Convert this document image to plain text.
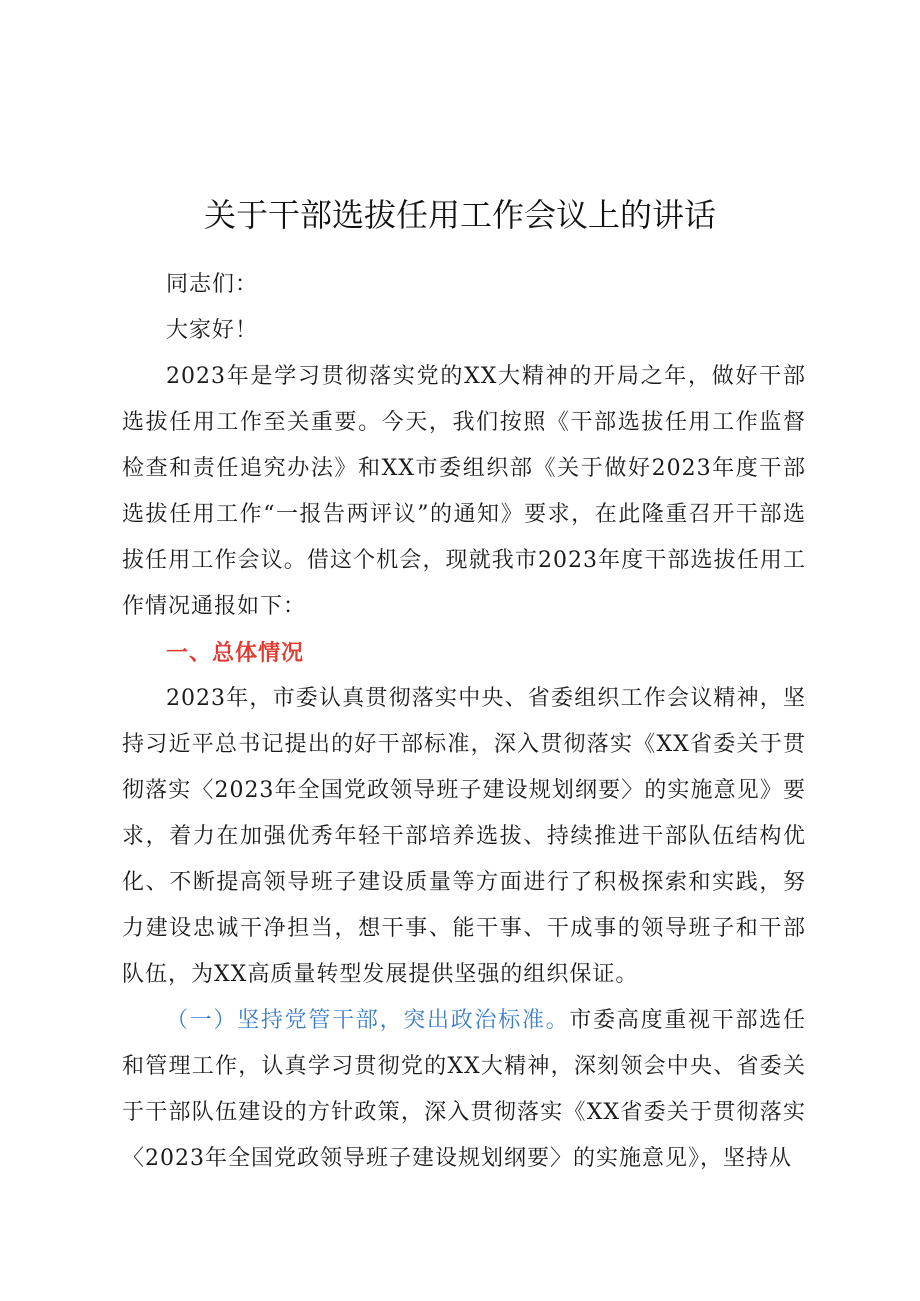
关于干部选拔任用工作会议上的讲话

同志们：

大家好！

2023年是学习贯彻落实党的XX大精神的开局之年，做好干部选拔任用工作至关重要。今天，我们按照《干部选拔任用工作监督检查和责任追究办法》和XX市委组织部《关于做好2023年度干部选拔任用工作“一报告两评议”的通知》要求，在此隆重召开干部选拔任用工作会议。借这个机会，现就我市2023年度干部选拔任用工作情况通报如下：

一、总体情况

2023年，市委认真贯彻落实中央、省委组织工作会议精神，坚持习近平总书记提出的好干部标准，深入贯彻落实《XX省委关于贯彻落实〈2023年全国党政领导班子建设规划纲要〉的实施意见》要求，着力在加强优秀年轻干部培养选拔、持续推进干部队伍结构优化、不断提高领导班子建设质量等方面进行了积极探索和实践，努力建设忠诚干净担当，想干事、能干事、干成事的领导班子和干部队伍，为XX高质量转型发展提供坚强的组织保证。

（一）坚持党管干部，突出政治标准。市委高度重视干部选任和管理工作，认真学习贯彻党的XX大精神，深刻领会中央、省委关于干部队伍建设的方针政策，深入贯彻落实《XX省委关于贯彻落实〈2023年全国党政领导班子建设规划纲要〉的实施意见》，坚持从
